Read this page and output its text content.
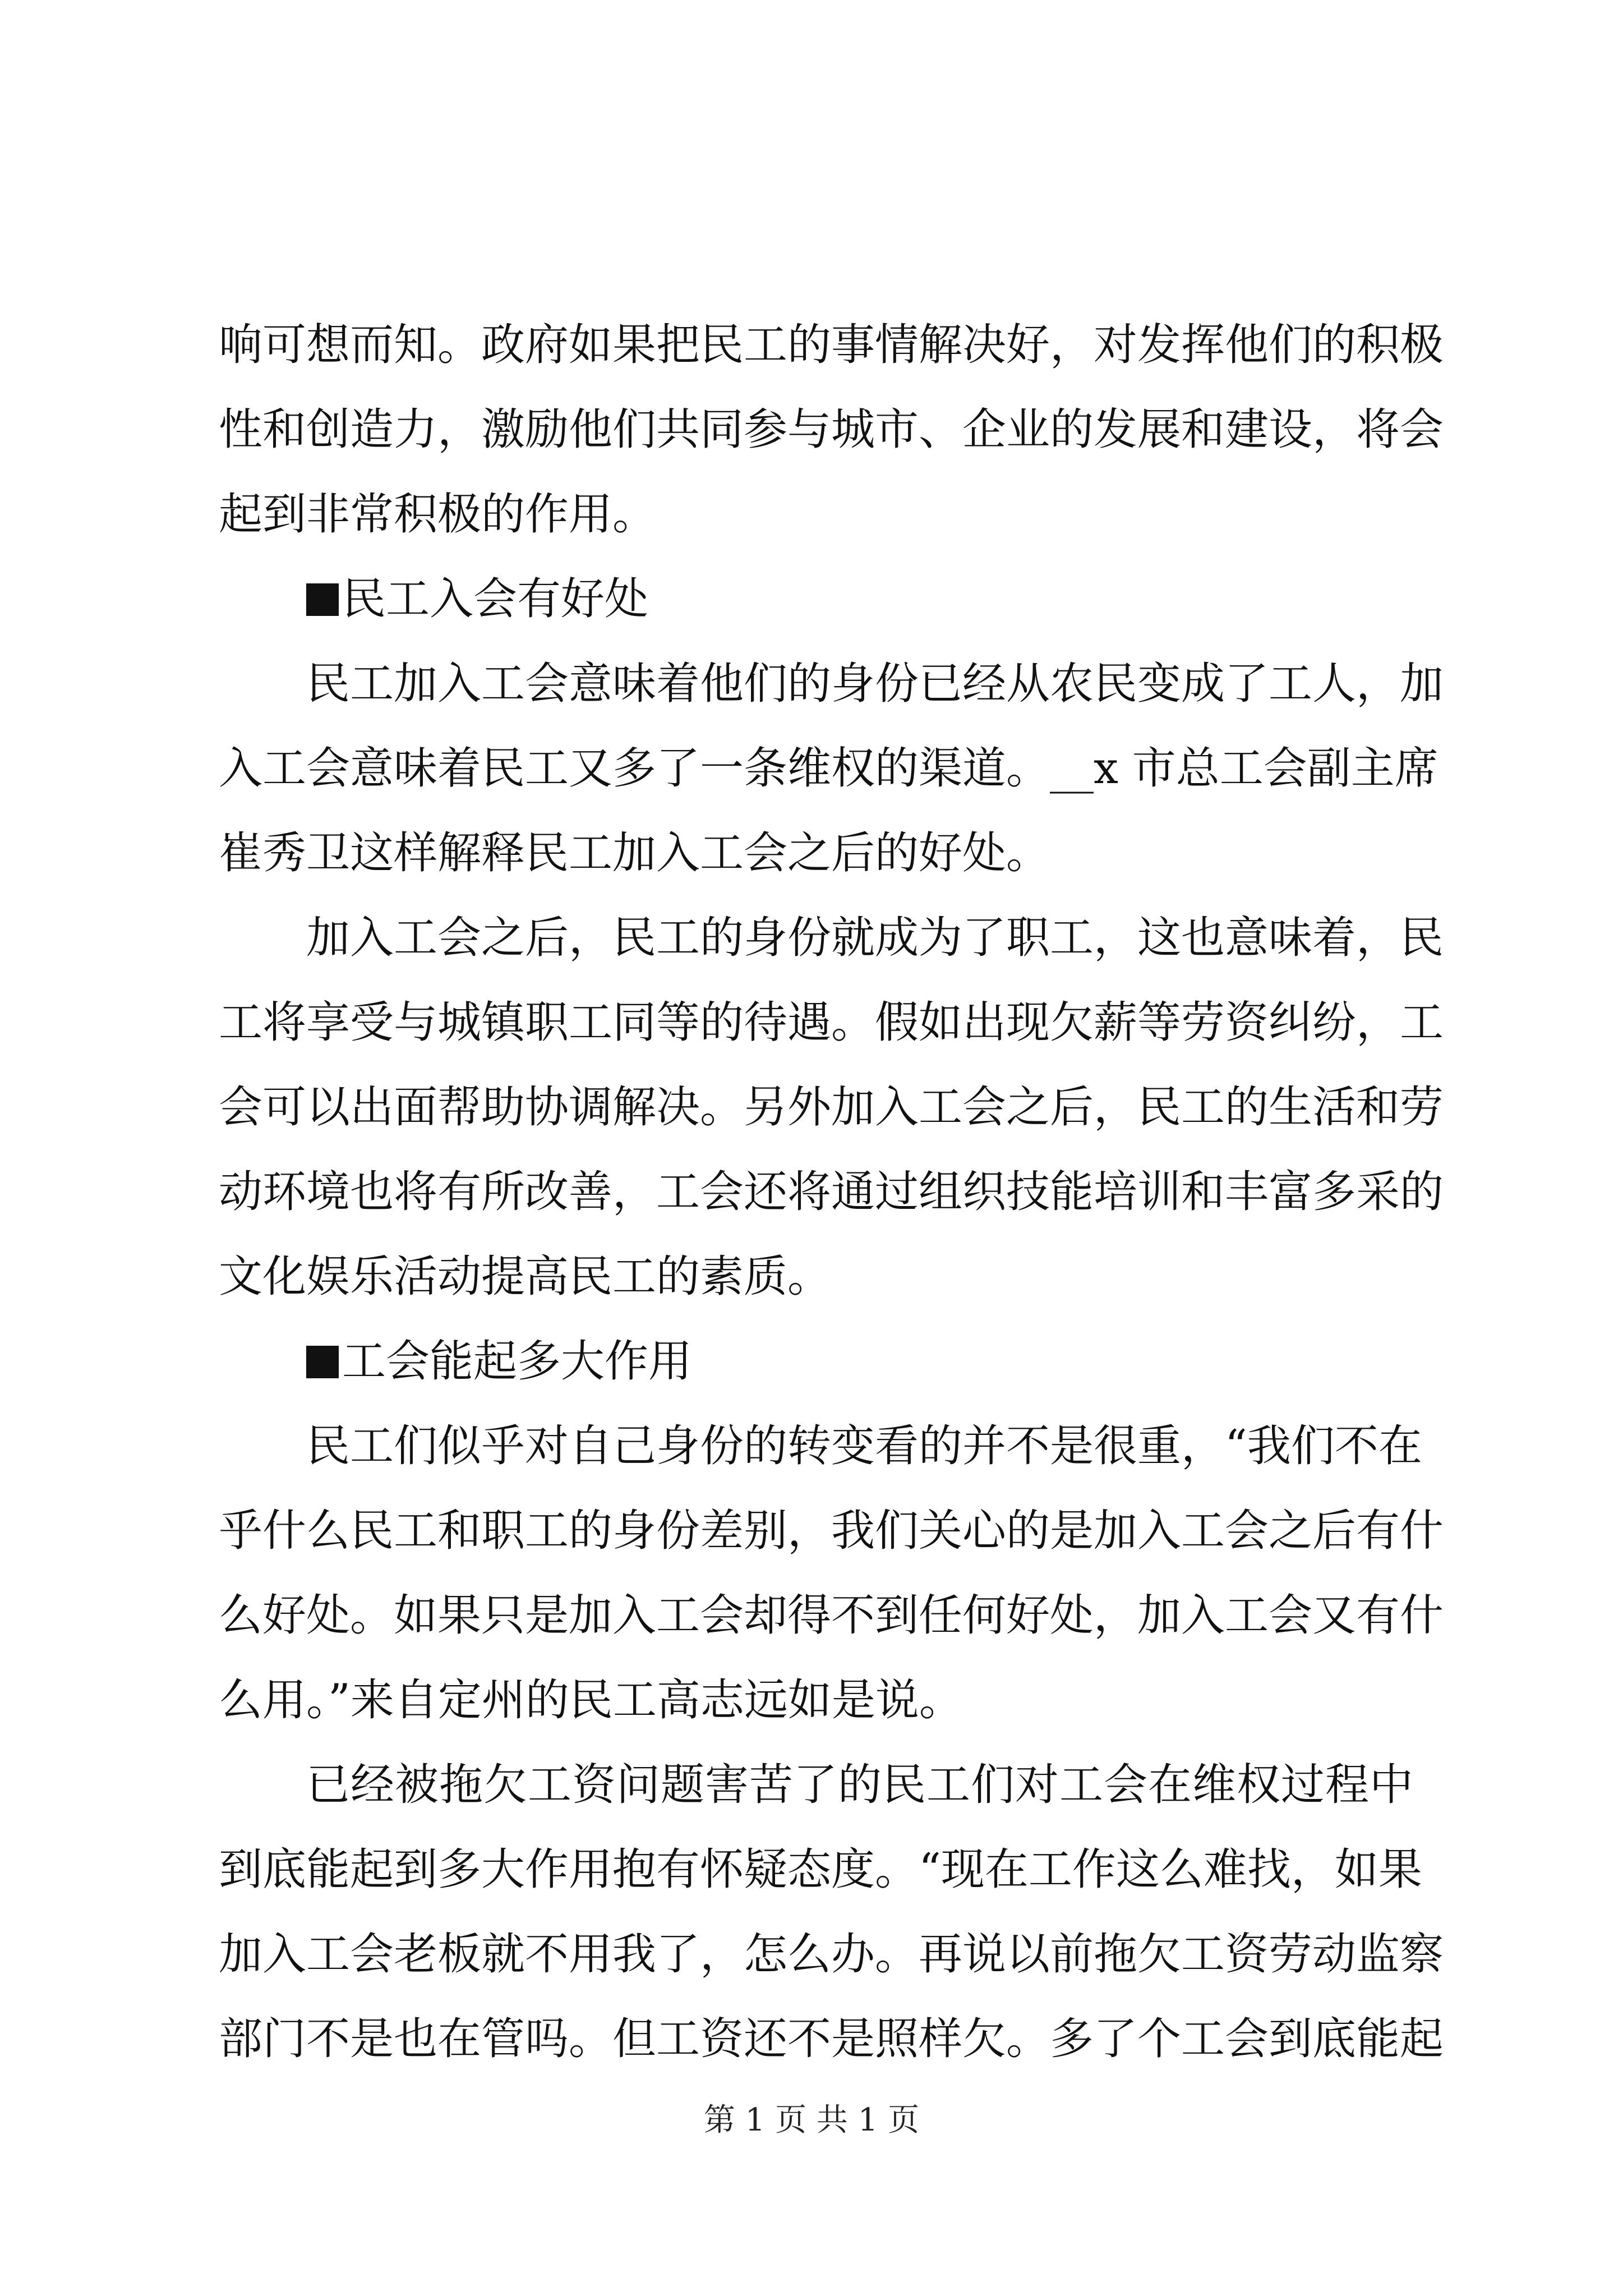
响可想而知。政府如果把民工的事情解决好，对发挥他们的积极
性和创造力，激励他们共同参与城市、企业的发展和建设，将会
起到非常积极的作用。
民工入会有好处
民工加入工会意味着他们的身份已经从农民变成了工人，加
入工会意味着民工又多了一条维权的渠道。__x 市总工会副主席
崔秀卫这样解释民工加入工会之后的好处。
加入工会之后，民工的身份就成为了职工，这也意味着，民
工将享受与城镇职工同等的待遇。假如出现欠薪等劳资纠纷，工
会可以出面帮助协调解决。另外加入工会之后，民工的生活和劳
动环境也将有所改善，工会还将通过组织技能培训和丰富多采的
文化娱乐活动提高民工的素质。
工会能起多大作用
民工们似乎对自己身份的转变看的并不是很重，“我们不在
乎什么民工和职工的身份差别，我们关心的是加入工会之后有什
么好处。如果只是加入工会却得不到任何好处，加入工会又有什
么用。”来自定州的民工高志远如是说。
已经被拖欠工资问题害苦了的民工们对工会在维权过程中
到底能起到多大作用抱有怀疑态度。“现在工作这么难找，如果
加入工会老板就不用我了，怎么办。再说以前拖欠工资劳动监察
部门不是也在管吗。但工资还不是照样欠。多了个工会到底能起
第 1 页 共 1 页
